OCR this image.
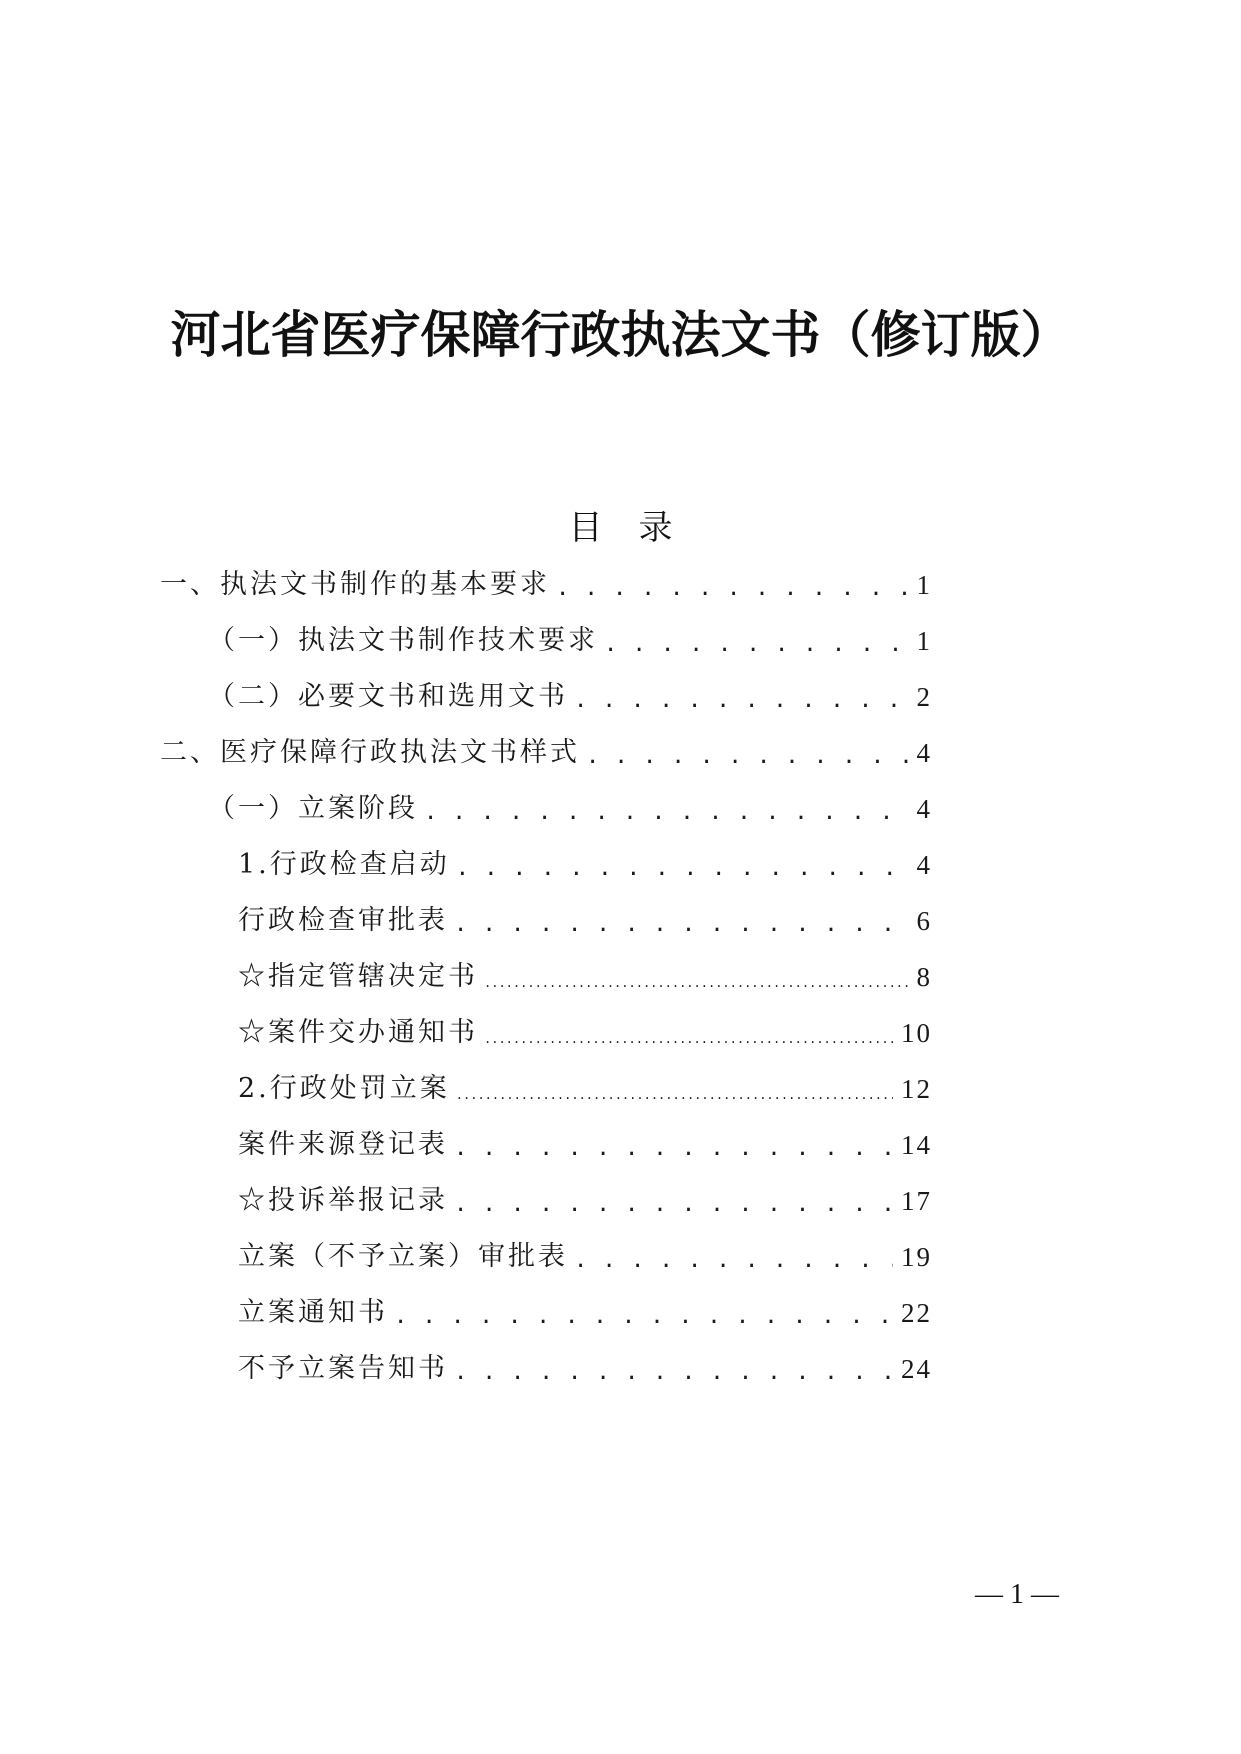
河北省医疗保障行政执法文书（修订版）
目录
一、执法文书制作的基本要求 . . .	1
（一）执法文书制作技术要求 . . .	1
（二）必要文书和选用文书 . . .	2
二、医疗保障行政执法文书样式 . . .	4
（一）立案阶段 . . .	4
1.行政检查启动 . . .	4
行政检查审批表 . . .	6
☆指定管辖决定书 .....	8
☆案件交办通知书 .....	10
2.行政处罚立案 .....	12
案件来源登记表 . . .	14
☆投诉举报记录 . . .	17
立案（不予立案）审批表 . . .	19
立案通知书 . . .	22
不予立案告知书 . . .	24
— 1 —
